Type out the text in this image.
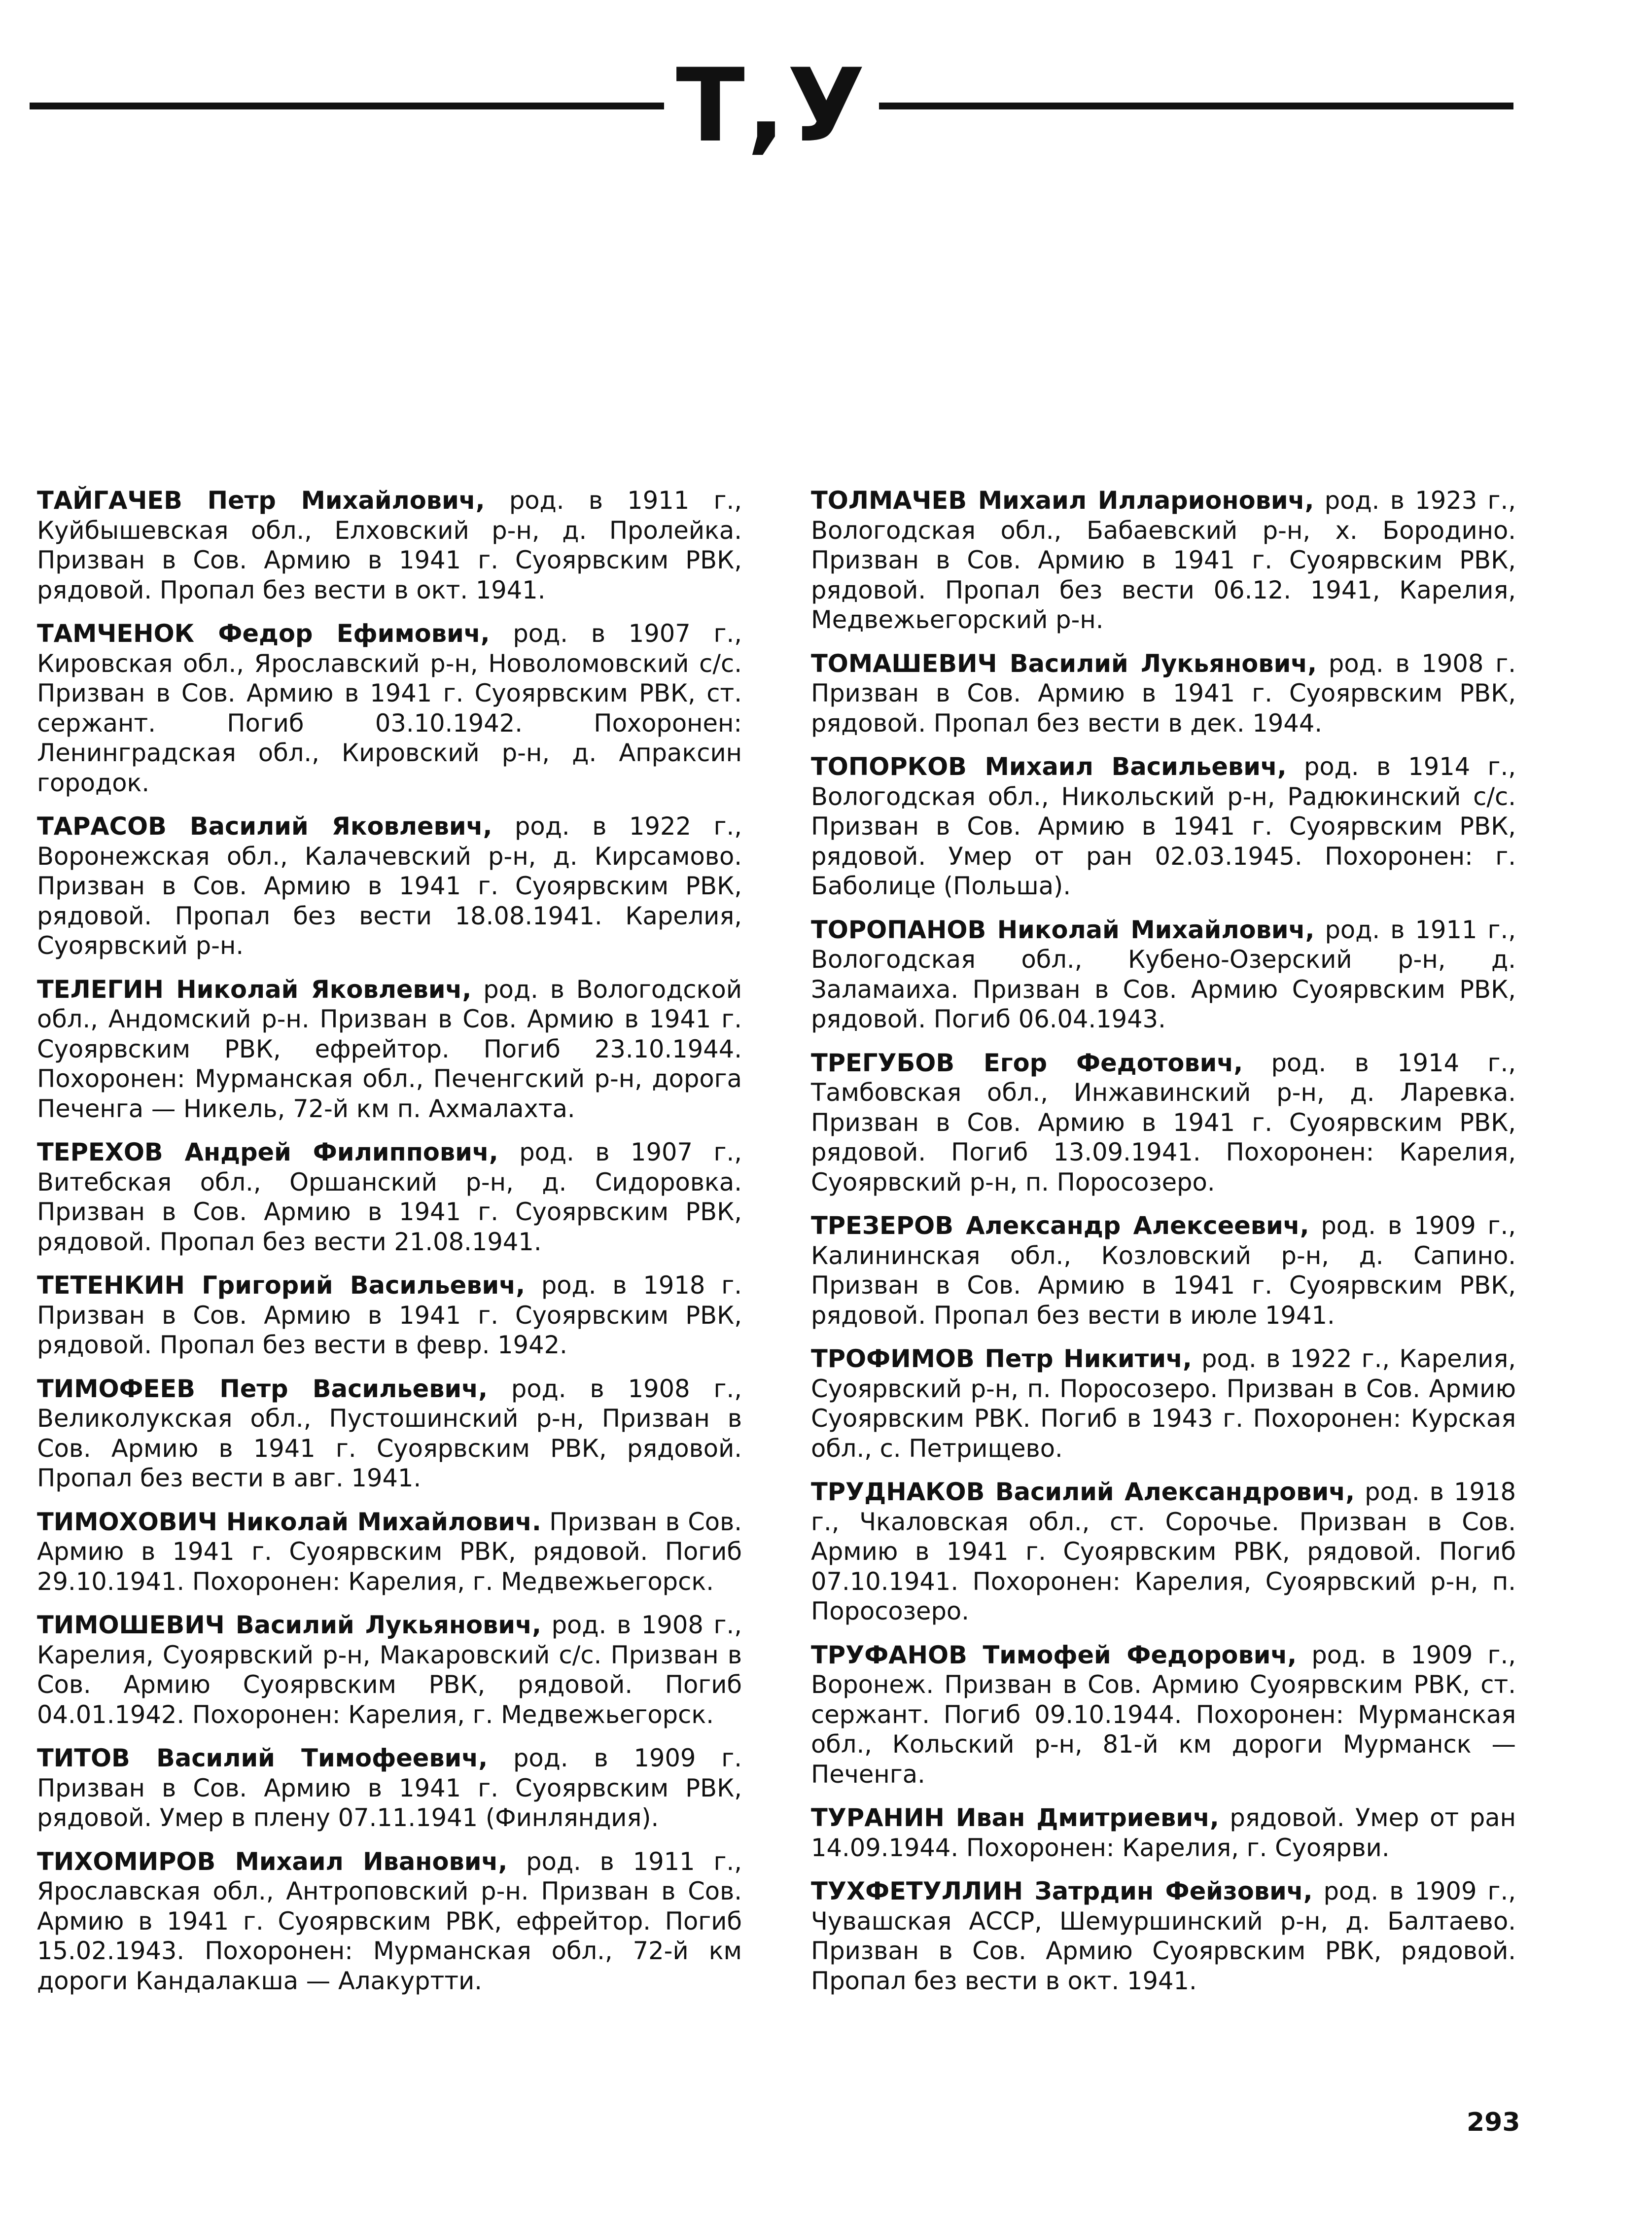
Т,У

ТАЙГАЧЕВ Петр Михайлович, род. в 1911 г., Куйбышевская обл., Елховский р-н, д. Пролейка. Призван в Сов. Армию в 1941 г. Суоярвским РВК, рядовой. Пропал без вести в окт. 1941.

ТАМЧЕНОК Федор Ефимович, род. в 1907 г., Кировская обл., Ярославский р-н, Новоломовский с/с. Призван в Сов. Армию в 1941 г. Суоярвским РВК, ст. сержант. Погиб 03.10.1942. Похоронен: Ленинградская обл., Кировский р-н, д. Апраксин городок.

ТАРАСОВ Василий Яковлевич, род. в 1922 г., Воронежская обл., Калачевский р-н, д. Кирсамово. Призван в Сов. Армию в 1941 г. Суоярвским РВК, рядовой. Пропал без вести 18.08.1941. Карелия, Суоярвский р-н.

ТЕЛЕГИН Николай Яковлевич, род. в Вологодской обл., Андомский р-н. Призван в Сов. Армию в 1941 г. Суоярвским РВК, ефрейтор. Погиб 23.10.1944. Похоронен: Мурманская обл., Печенгский р-н, дорога Печенга — Никель, 72-й км п. Ахмалахта.

ТЕРЕХОВ Андрей Филиппович, род. в 1907 г., Витебская обл., Оршанский р-н, д. Сидоровка. Призван в Сов. Армию в 1941 г. Суоярвским РВК, рядовой. Пропал без вести 21.08.1941.

ТЕТЕНКИН Григорий Васильевич, род. в 1918 г. Призван в Сов. Армию в 1941 г. Суоярвским РВК, рядовой. Пропал без вести в февр. 1942.

ТИМОФЕЕВ Петр Васильевич, род. в 1908 г., Великолукская обл., Пустошинский р-н, Призван в Сов. Армию в 1941 г. Суоярвским РВК, рядовой. Пропал без вести в авг. 1941.

ТИМОХОВИЧ Николай Михайлович. Призван в Сов. Армию в 1941 г. Суоярвским РВК, рядовой. Погиб 29.10.1941. Похоронен: Карелия, г. Медвежьегорск.

ТИМОШЕВИЧ Василий Лукьянович, род. в 1908 г., Карелия, Суоярвский р-н, Макаровский с/с. Призван в Сов. Армию Суоярвским РВК, рядовой. Погиб 04.01.1942. Похоронен: Карелия, г. Медвежьегорск.

ТИТОВ Василий Тимофеевич, род. в 1909 г. Призван в Сов. Армию в 1941 г. Суоярвским РВК, рядовой. Умер в плену 07.11.1941 (Финляндия).

ТИХОМИРОВ Михаил Иванович, род. в 1911 г., Ярославская обл., Антроповский р-н. Призван в Сов. Армию в 1941 г. Суоярвским РВК, ефрейтор. Погиб 15.02.1943. Похоронен: Мурманская обл., 72-й км дороги Кандалакша — Алакуртти.

ТОЛМАЧЕВ Михаил Илларионович, род. в 1923 г., Вологодская обл., Бабаевский р-н, х. Бородино. Призван в Сов. Армию в 1941 г. Суоярвским РВК, рядовой. Пропал без вести 06.12. 1941, Карелия, Медвежьегорский р-н.

ТОМАШЕВИЧ Василий Лукьянович, род. в 1908 г. Призван в Сов. Армию в 1941 г. Суоярвским РВК, рядовой. Пропал без вести в дек. 1944.

ТОПОРКОВ Михаил Васильевич, род. в 1914 г., Вологодская обл., Никольский р-н, Радюкинский с/с. Призван в Сов. Армию в 1941 г. Суоярвским РВК, рядовой. Умер от ран 02.03.1945. Похоронен: г. Баболице (Польша).

ТОРОПАНОВ Николай Михайлович, род. в 1911 г., Вологодская обл., Кубено-Озерский р-н, д. Заламаиха. Призван в Сов. Армию Суоярвским РВК, рядовой. Погиб 06.04.1943.

ТРЕГУБОВ Егор Федотович, род. в 1914 г., Тамбовская обл., Инжавинский р-н, д. Ларевка. Призван в Сов. Армию в 1941 г. Суоярвским РВК, рядовой. Погиб 13.09.1941. Похоронен: Карелия, Суоярвский р-н, п. Поросозеро.

ТРЕЗЕРОВ Александр Алексеевич, род. в 1909 г., Калининская обл., Козловский р-н, д. Сапино. Призван в Сов. Армию в 1941 г. Суоярвским РВК, рядовой. Пропал без вести в июле 1941.

ТРОФИМОВ Петр Никитич, род. в 1922 г., Карелия, Суоярвский р-н, п. Поросозеро. Призван в Сов. Армию Суоярвским РВК. Погиб в 1943 г. Похоронен: Курская обл., с. Петрищево.

ТРУДНАКОВ Василий Александрович, род. в 1918 г., Чкаловская обл., ст. Сорочье. Призван в Сов. Армию в 1941 г. Суоярвским РВК, рядовой. Погиб 07.10.1941. Похоронен: Карелия, Суоярвский р-н, п. Поросозеро.

ТРУФАНОВ Тимофей Федорович, род. в 1909 г., Воронеж. Призван в Сов. Армию Суоярвским РВК, ст. сержант. Погиб 09.10.1944. Похоронен: Мурманская обл., Кольский р-н, 81-й км дороги Мурманск — Печенга.

ТУРАНИН Иван Дмитриевич, рядовой. Умер от ран 14.09.1944. Похоронен: Карелия, г. Суоярви.

ТУХФЕТУЛЛИН Затрдин Фейзович, род. в 1909 г., Чувашская АССР, Шемуршинский р-н, д. Балтаево. Призван в Сов. Армию Суоярвским РВК, рядовой. Пропал без вести в окт. 1941.

293
